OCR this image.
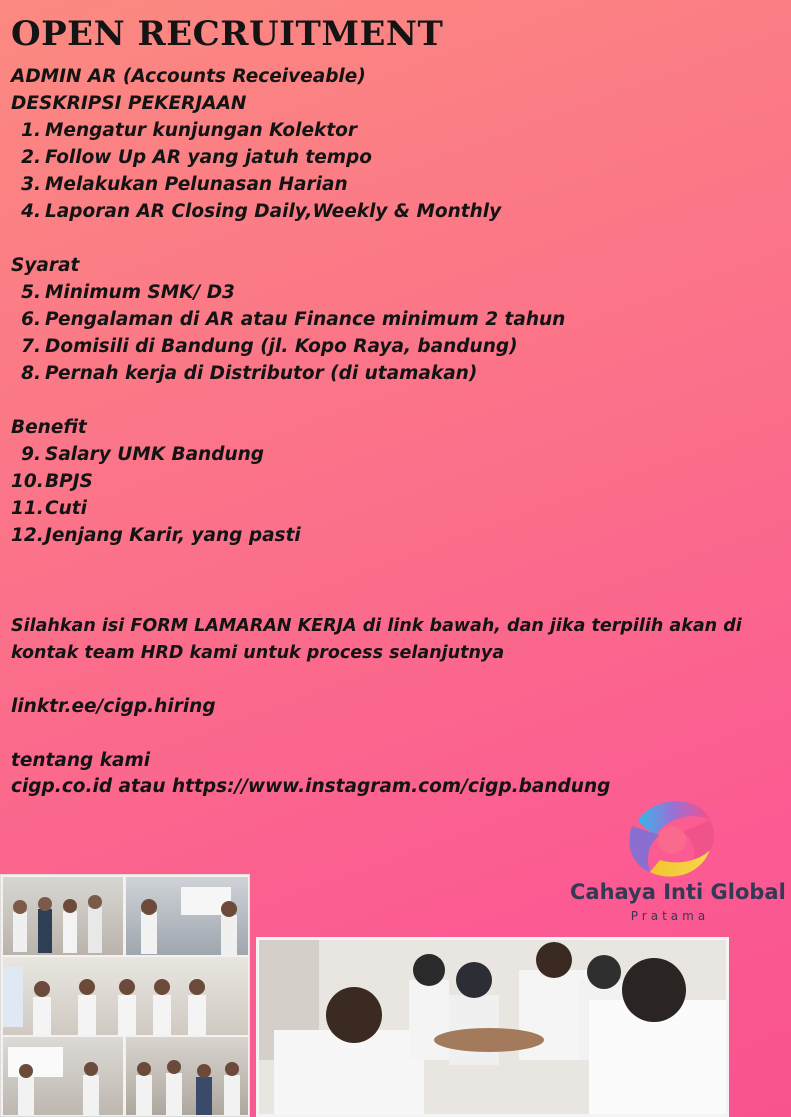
OPEN RECRUITMENT
ADMIN AR (Accounts Receiveable)
DESKRIPSI PEKERJAAN
1. Mengatur kunjungan Kolektor
2. Follow Up AR yang jatuh tempo
3. Melakukan Pelunasan Harian
4. Laporan AR Closing Daily,Weekly & Monthly
Syarat
5. Minimum SMK/ D3
6. Pengalaman di AR atau Finance minimum 2 tahun
7. Domisili di Bandung (jl. Kopo Raya, bandung)
8. Pernah kerja di Distributor (di utamakan)
Benefit
9. Salary UMK Bandung
10. BPJS
11. Cuti
12. Jenjang Karir, yang pasti
Silahkan isi FORM LAMARAN KERJA di link bawah, dan jika terpilih akan di
kontak team HRD kami untuk process selanjutnya
linktr.ee/cigp.hiring
tentang kami
cigp.co.id atau https://www.instagram.com/cigp.bandung
Cahaya Inti Global
Pratama
